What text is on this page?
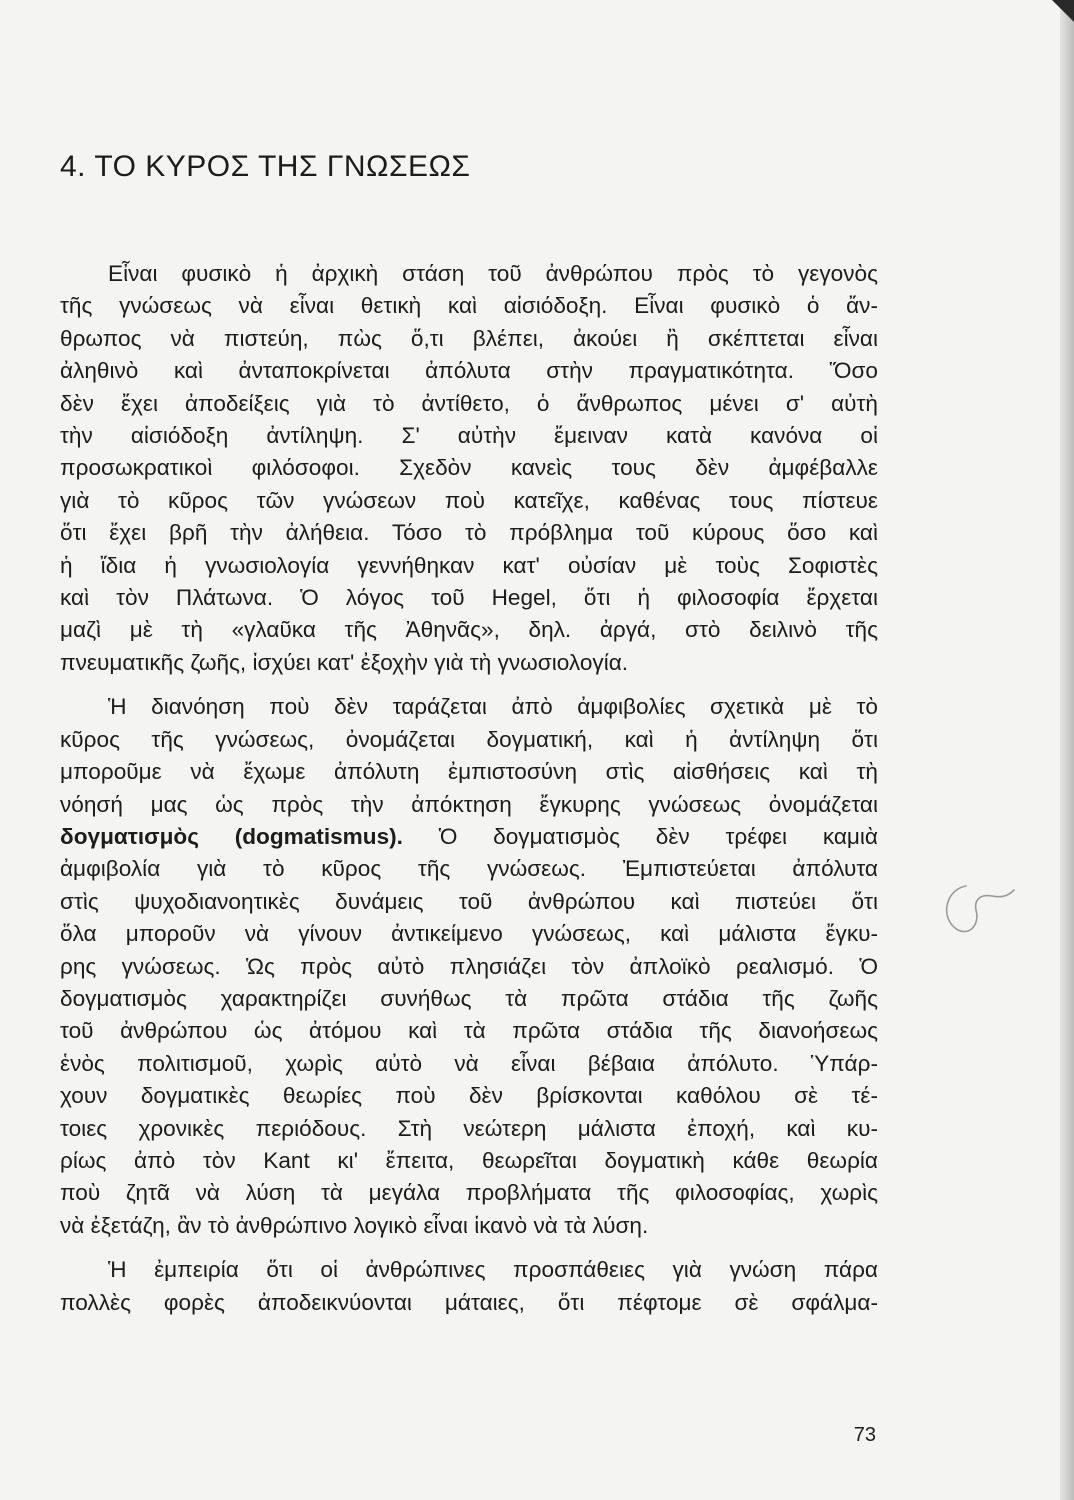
4. ΤΟ ΚΥΡΟΣ ΤΗΣ ΓΝΩΣΕΩΣ

Εἶναι φυσικὸ ἡ ἀρχικὴ στάση τοῦ ἀνθρώπου πρὸς τὸ γεγονὸς
τῆς γνώσεως νὰ εἶναι θετικὴ καὶ αἰσιόδοξη. Εἶναι φυσικὸ ὁ ἄν-
θρωπος νὰ πιστεύη, πὼς ὅ,τι βλέπει, ἀκούει ἢ σκέπτεται εἶναι
ἀληθινὸ καὶ ἀνταποκρίνεται ἀπόλυτα στὴν πραγματικότητα. Ὅσο
δὲν ἔχει ἀποδείξεις γιὰ τὸ ἀντίθετο, ὁ ἄνθρωπος μένει σ' αὐτὴ
τὴν αἰσιόδοξη ἀντίληψη. Σ' αὐτὴν ἔμειναν κατὰ κανόνα οἱ
προσωκρατικοὶ φιλόσοφοι. Σχεδὸν κανεὶς τους δὲν ἀμφέβαλλε
γιὰ τὸ κῦρος τῶν γνώσεων ποὺ κατεῖχε, καθένας τους πίστευε
ὅτι ἔχει βρῆ τὴν ἀλήθεια. Τόσο τὸ πρόβλημα τοῦ κύρους ὅσο καὶ
ἡ ἴδια ἡ γνωσιολογία γεννήθηκαν κατ' οὐσίαν μὲ τοὺς Σοφιστὲς
καὶ τὸν Πλάτωνα. Ὁ λόγος τοῦ Hegel, ὅτι ἡ φιλοσοφία ἔρχεται
μαζὶ μὲ τὴ «γλαῦκα τῆς Ἀθηνᾶς», δηλ. ἀργά, στὸ δειλινὸ τῆς
πνευματικῆς ζωῆς, ἰσχύει κατ' ἐξοχὴν γιὰ τὴ γνωσιολογία.

Ἡ διανόηση ποὺ δὲν ταράζεται ἀπὸ ἀμφιβολίες σχετικὰ μὲ τὸ
κῦρος τῆς γνώσεως, ὀνομάζεται δογματική, καὶ ἡ ἀντίληψη ὅτι
μποροῦμε νὰ ἔχωμε ἀπόλυτη ἐμπιστοσύνη στὶς αἰσθήσεις καὶ τὴ
νόησή μας ὡς πρὸς τὴν ἀπόκτηση ἔγκυρης γνώσεως ὀνομάζεται
δογματισμὸς (dogmatismus). Ὁ δογματισμὸς δὲν τρέφει καμιὰ
ἀμφιβολία γιὰ τὸ κῦρος τῆς γνώσεως. Ἐμπιστεύεται ἀπόλυτα
στὶς ψυχοδιανοητικὲς δυνάμεις τοῦ ἀνθρώπου καὶ πιστεύει ὅτι
ὅλα μποροῦν νὰ γίνουν ἀντικείμενο γνώσεως, καὶ μάλιστα ἔγκυ-
ρης γνώσεως. Ὡς πρὸς αὐτὸ πλησιάζει τὸν ἀπλοϊκὸ ρεαλισμό. Ὁ
δογματισμὸς χαρακτηρίζει συνήθως τὰ πρῶτα στάδια τῆς ζωῆς
τοῦ ἀνθρώπου ὡς ἀτόμου καὶ τὰ πρῶτα στάδια τῆς διανοήσεως
ἑνὸς πολιτισμοῦ, χωρὶς αὐτὸ νὰ εἶναι βέβαια ἀπόλυτο. Ὑπάρ-
χουν δογματικὲς θεωρίες ποὺ δὲν βρίσκονται καθόλου σὲ τέ-
τοιες χρονικὲς περιόδους. Στὴ νεώτερη μάλιστα ἐποχή, καὶ κυ-
ρίως ἀπὸ τὸν Kant κι' ἔπειτα, θεωρεῖται δογματικὴ κάθε θεωρία
ποὺ ζητᾶ νὰ λύση τὰ μεγάλα προβλήματα τῆς φιλοσοφίας, χωρὶς
νὰ ἐξετάζη, ἂν τὸ ἀνθρώπινο λογικὸ εἶναι ἱκανὸ νὰ τὰ λύση.

Ἡ ἐμπειρία ὅτι οἱ ἀνθρώπινες προσπάθειες γιὰ γνώση πάρα
πολλὲς φορὲς ἀποδεικνύονται μάταιες, ὅτι πέφτομε σὲ σφάλμα-

73
